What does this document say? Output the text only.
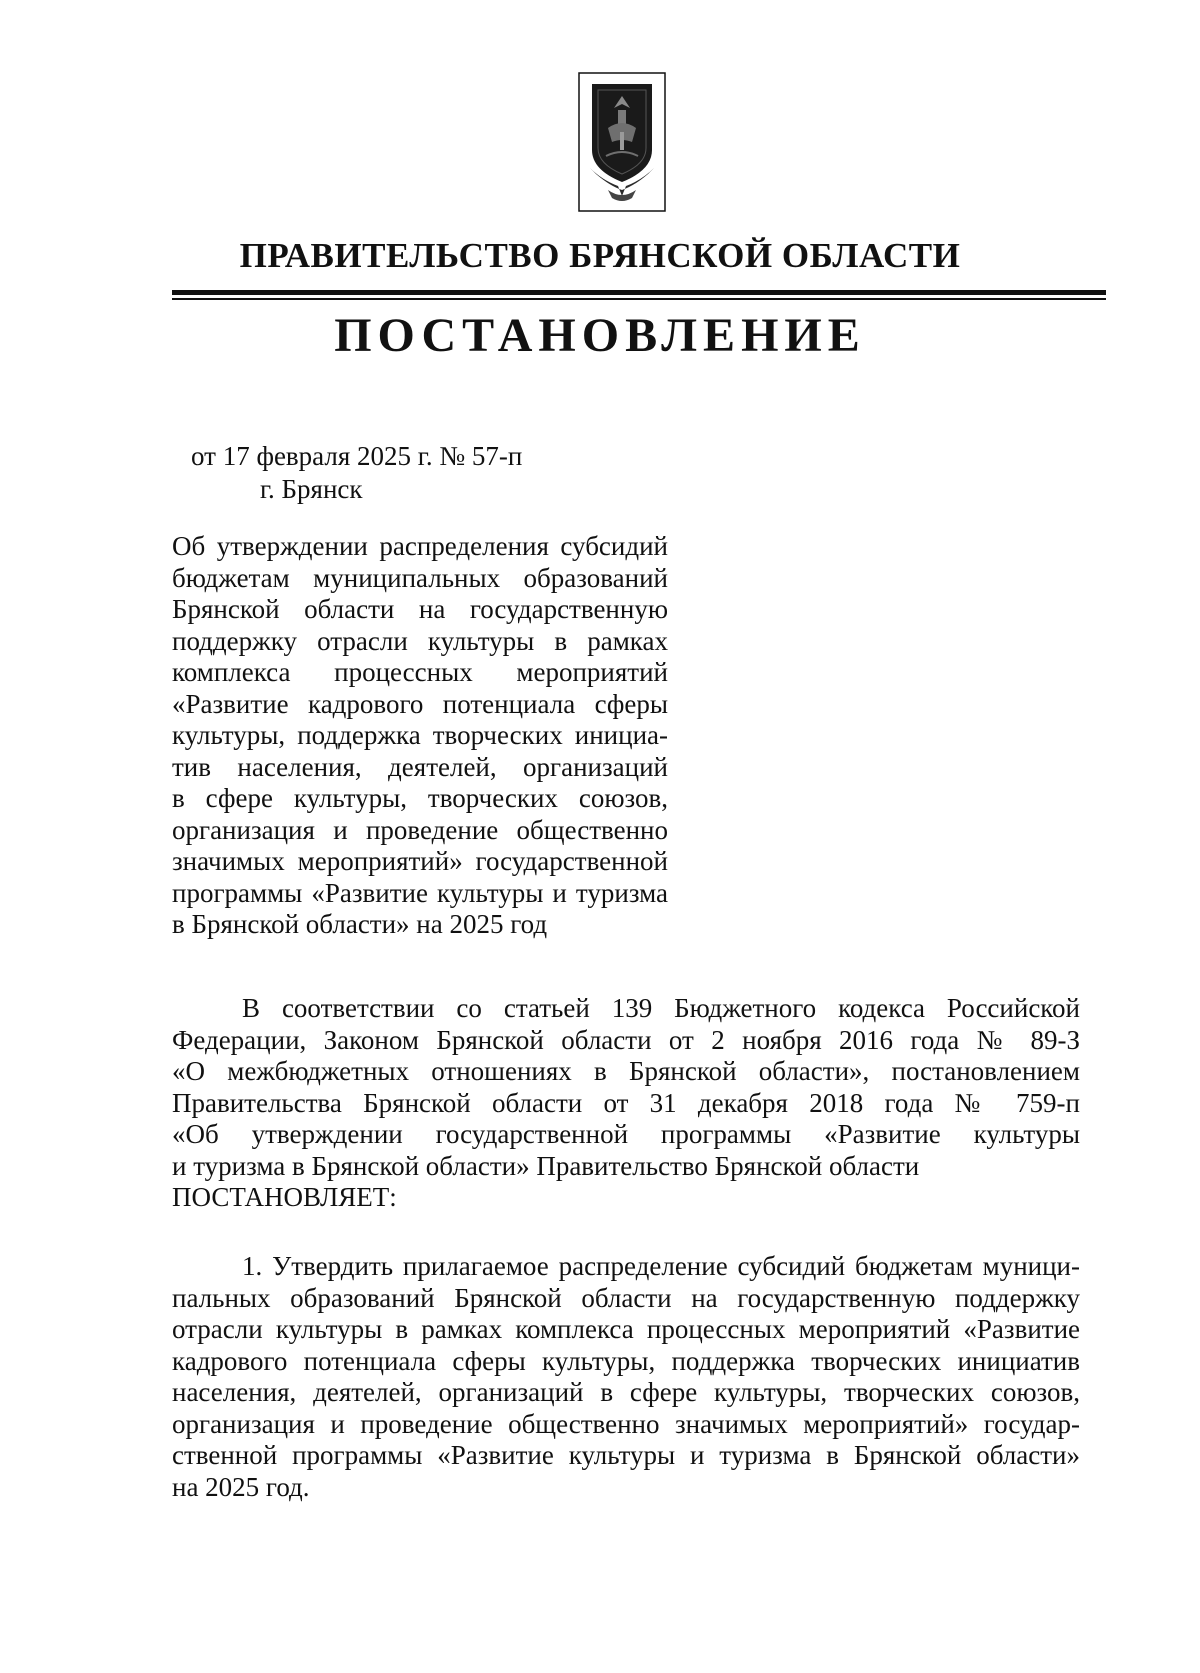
ПРАВИТЕЛЬСТВО БРЯНСКОЙ ОБЛАСТИ
ПОСТАНОВЛЕНИЕ
от 17 февраля 2025 г. № 57-п
г. Брянск
Об утверждении распределения субсидий
бюджетам муниципальных образований
Брянской области на государственную
поддержку отрасли культуры в рамках
комплекса процессных мероприятий
«Развитие кадрового потенциала сферы
культуры, поддержка творческих инициа-
тив населения, деятелей, организаций
в сфере культуры, творческих союзов,
организация и проведение общественно
значимых мероприятий» государственной
программы «Развитие культуры и туризма
в Брянской области» на 2025 год
В соответствии со статьей 139 Бюджетного кодекса Российской
Федерации, Законом Брянской области от 2 ноября 2016 года № 89-З
«О межбюджетных отношениях в Брянской области», постановлением
Правительства Брянской области от 31 декабря 2018 года № 759-п
«Об утверждении государственной программы «Развитие культуры
и туризма в Брянской области» Правительство Брянской области
ПОСТАНОВЛЯЕТ:
1. Утвердить прилагаемое распределение субсидий бюджетам муници-
пальных образований Брянской области на государственную поддержку
отрасли культуры в рамках комплекса процессных мероприятий «Развитие
кадрового потенциала сферы культуры, поддержка творческих инициатив
населения, деятелей, организаций в сфере культуры, творческих союзов,
организация и проведение общественно значимых мероприятий» государ-
ственной программы «Развитие культуры и туризма в Брянской области»
на 2025 год.
